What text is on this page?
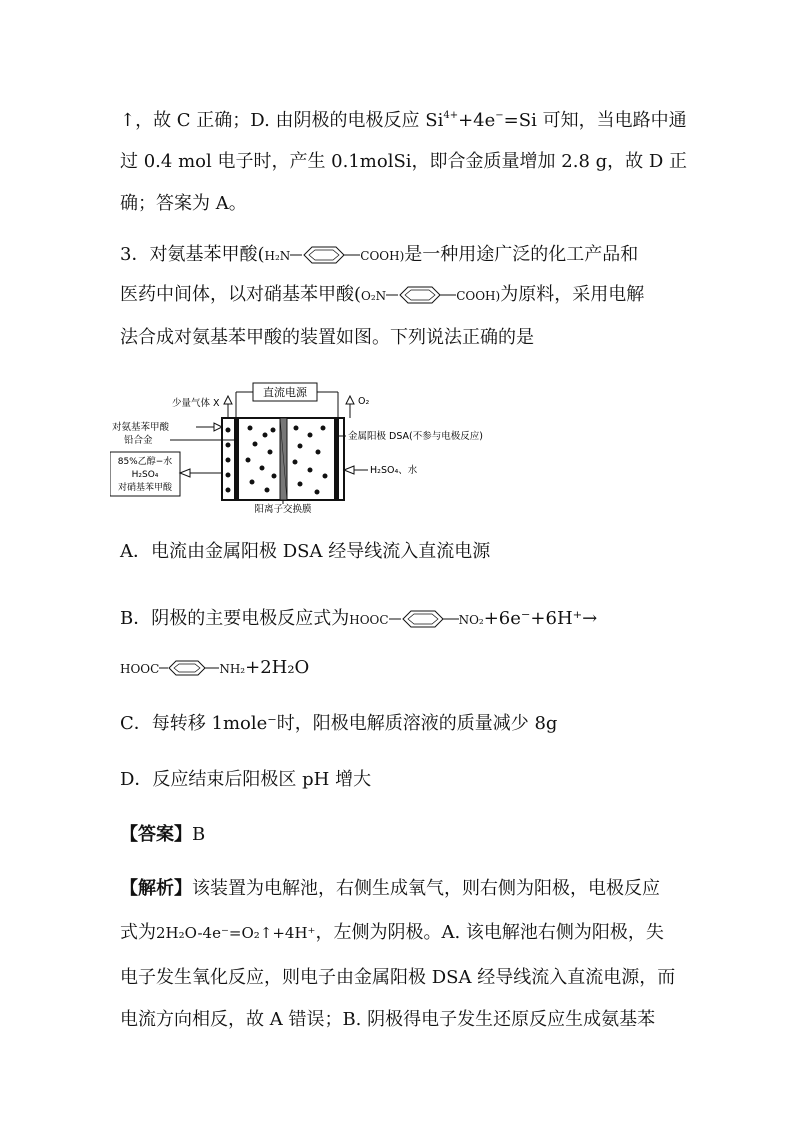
↑，故 C 正确；D. 由阴极的电极反应 $Si^{4+}+4e^-=Si$ 可知，当电路中通
过 0.4 mol 电子时，产生 0.1molSi，即合金质量增加 2.8 g，故 D 正
确；答案为 A。
3．对氨基苯甲酸(H₂N	COOH)是一种用途广泛的化工产品和
医药中间体，以对硝基苯甲酸(O₂N	COOH)为原料，采用电解
法合成对氨基苯甲酸的装置如图。下列说法正确的是
直流电源
少量气体 X	O₂
对氨基苯甲酸
铅合金
85%乙醇−水
H₂SO₄
对硝基苯甲酸
金属阳极 DSA(不参与电极反应)
H₂SO₄、水
阳离子交换膜
A．电流由金属阳极 DSA 经导线流入直流电源
B．阴极的主要电极反应式为HOOC	NO₂+6e⁻+6H⁺→
HOOC	NH₂+2H₂O
C．每转移 1mole⁻时，阳极电解质溶液的质量减少 8g
D．反应结束后阳极区 pH 增大
【答案】B
【解析】该装置为电解池，右侧生成氧气，则右侧为阳极，电极反应
式为2H₂O-4e⁻=O₂↑+4H⁺，左侧为阴极。A. 该电解池右侧为阳极，失
电子发生氧化反应，则电子由金属阳极 DSA 经导线流入直流电源，而
电流方向相反，故 A 错误；B. 阴极得电子发生还原反应生成氨基苯
